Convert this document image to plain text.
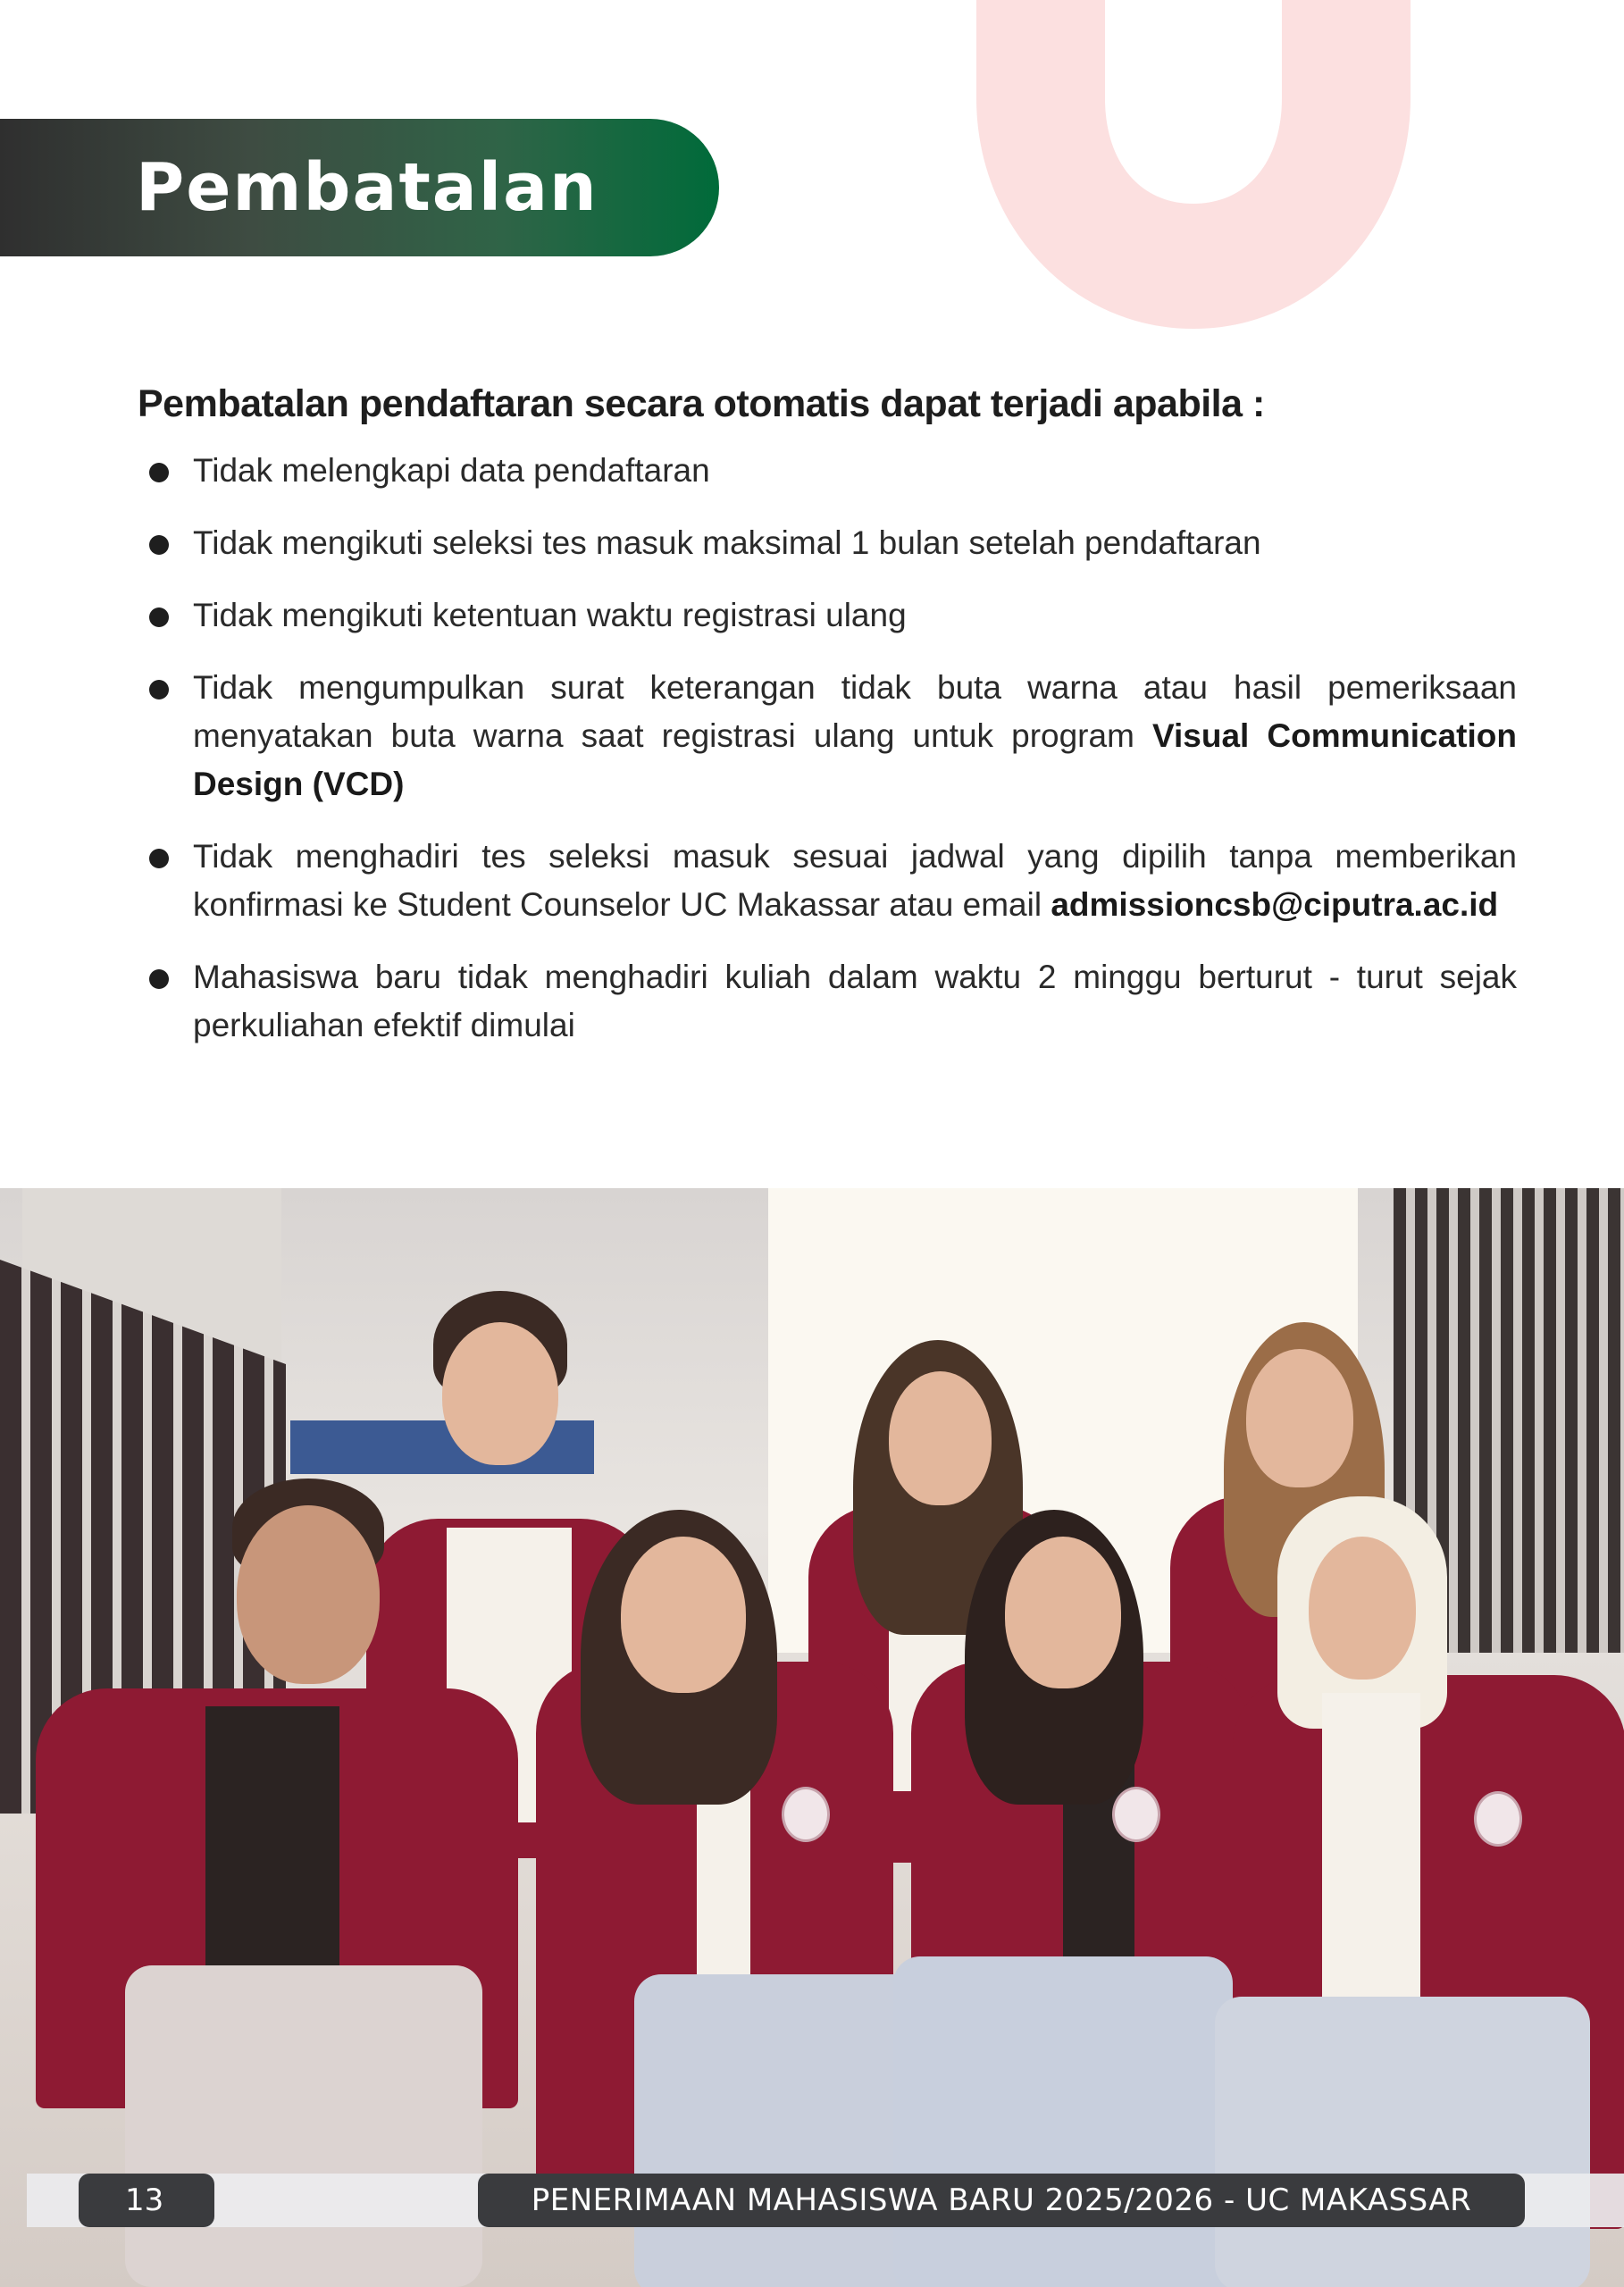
Pembatalan
Pembatalan pendaftaran secara otomatis dapat terjadi apabila :
Tidak melengkapi data pendaftaran
Tidak mengikuti seleksi tes masuk maksimal 1 bulan setelah pendaftaran
Tidak mengikuti ketentuan waktu registrasi ulang
Tidak mengumpulkan surat keterangan tidak buta warna atau hasil pemeriksaan menyatakan buta warna saat registrasi ulang untuk program Visual Communication Design (VCD)
Tidak menghadiri tes seleksi masuk sesuai jadwal yang dipilih tanpa memberikan konfirmasi ke Student Counselor UC Makassar atau email admissioncsb@ciputra.ac.id
Mahasiswa baru tidak menghadiri kuliah dalam waktu 2 minggu berturut - turut sejak perkuliahan efektif dimulai
13	PENERIMAAN MAHASISWA BARU 2025/2026 - UC MAKASSAR
